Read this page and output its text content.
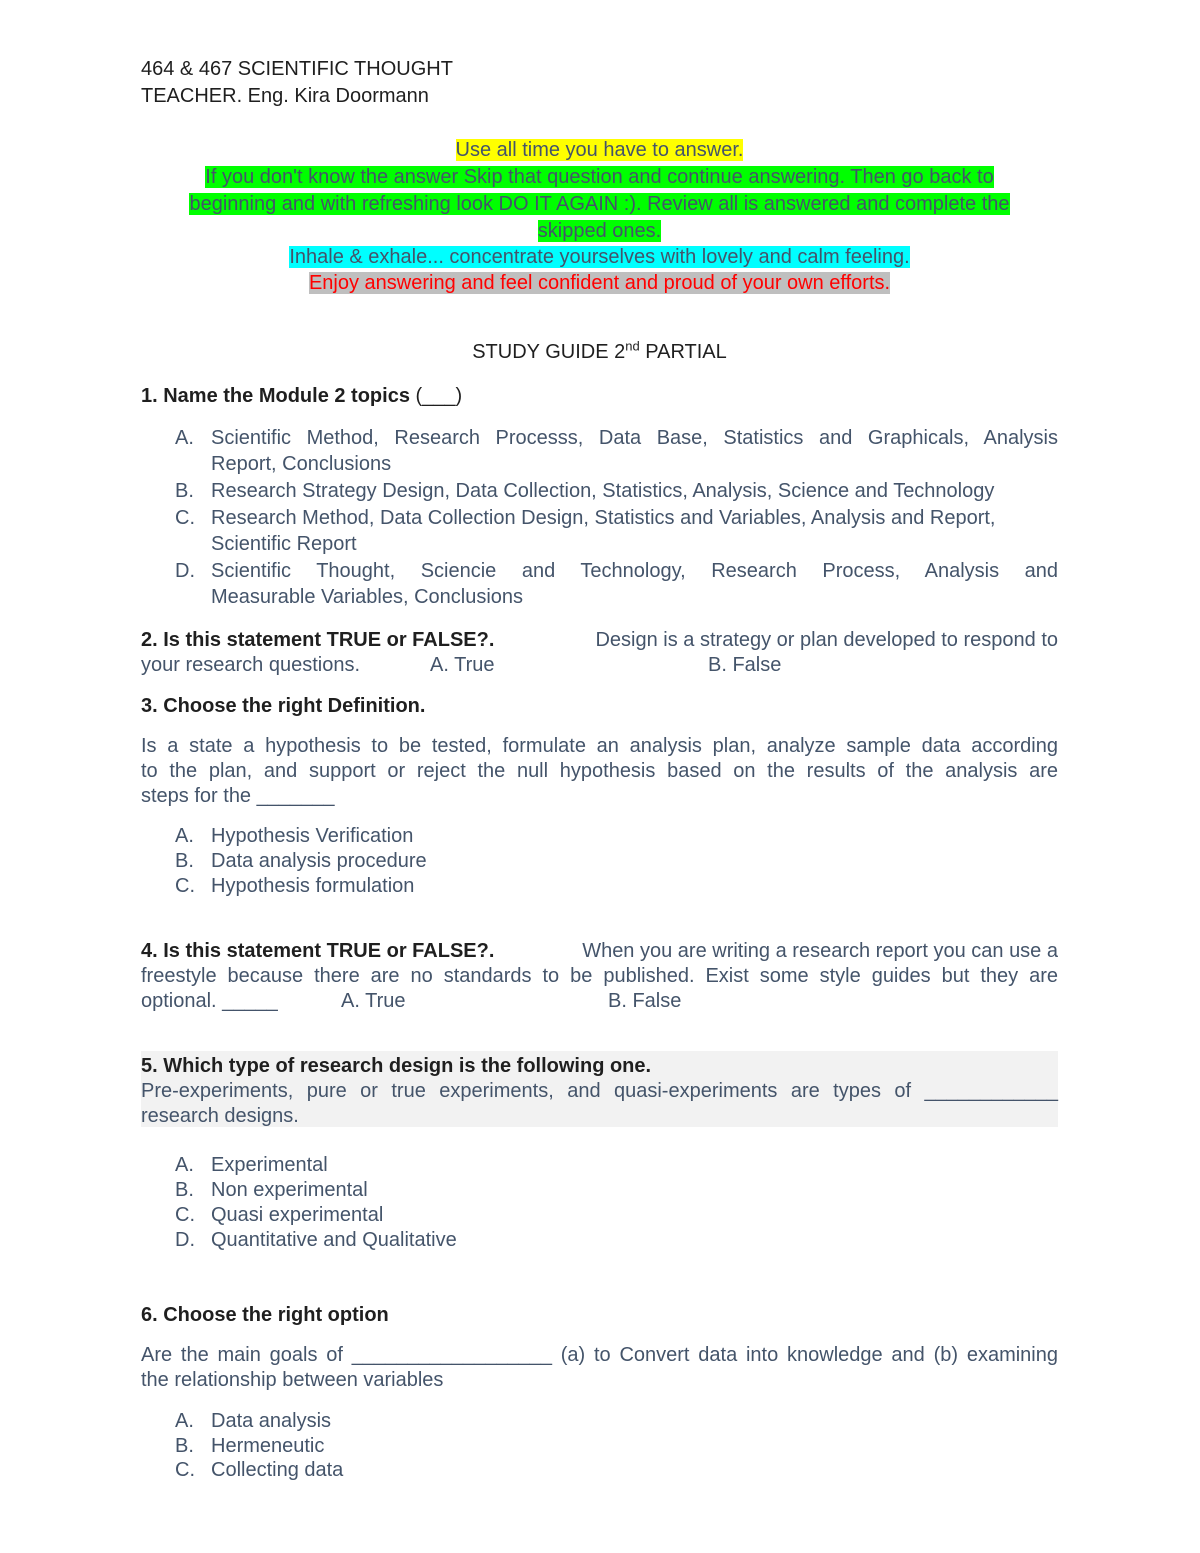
464 & 467 SCIENTIFIC THOUGHT
TEACHER. Eng. Kira Doormann
Use all time you have to answer.
If you don't know the answer Skip that question and continue answering. Then go back to
beginning and with refreshing look DO IT AGAIN :). Review all is answered and complete the
skipped ones.
Inhale & exhale... concentrate yourselves with lovely and calm feeling.
Enjoy answering and feel confident and proud of your own efforts.
STUDY GUIDE 2nd PARTIAL
1. Name the Module 2 topics (___)
A. Scientific Method, Research Processs, Data Base, Statistics and Graphicals, Analysis
Report, Conclusions
B. Research Strategy Design, Data Collection, Statistics, Analysis, Science and Technology
C. Research Method, Data Collection Design, Statistics and Variables, Analysis and Report,
Scientific Report
D. Scientific Thought, Sciencie and Technology, Research Process, Analysis and
Measurable Variables, Conclusions
2. Is this statement TRUE or FALSE?.	Design is a strategy or plan developed to respond to
your research questions.	A. True	B. False
3. Choose the right Definition.
Is a state a hypothesis to be tested, formulate an analysis plan, analyze sample data according
to the plan, and support or reject the null hypothesis based on the results of the analysis are
steps for the _______
A. Hypothesis Verification
B. Data analysis procedure
C. Hypothesis formulation
4. Is this statement TRUE or FALSE?.	When you are writing a research report you can use a
freestyle because there are no standards to be published. Exist some style guides but they are
optional. _____	A. True	B. False
5. Which type of research design is the following one.
Pre-experiments, pure or true experiments, and quasi-experiments are types of ____________
research designs.
A. Experimental
B. Non experimental
C. Quasi experimental
D. Quantitative and Qualitative
6. Choose the right option
Are the main goals of __________________ (a) to Convert data into knowledge and (b) examining
the relationship between variables
A. Data analysis
B. Hermeneutic
C. Collecting data
